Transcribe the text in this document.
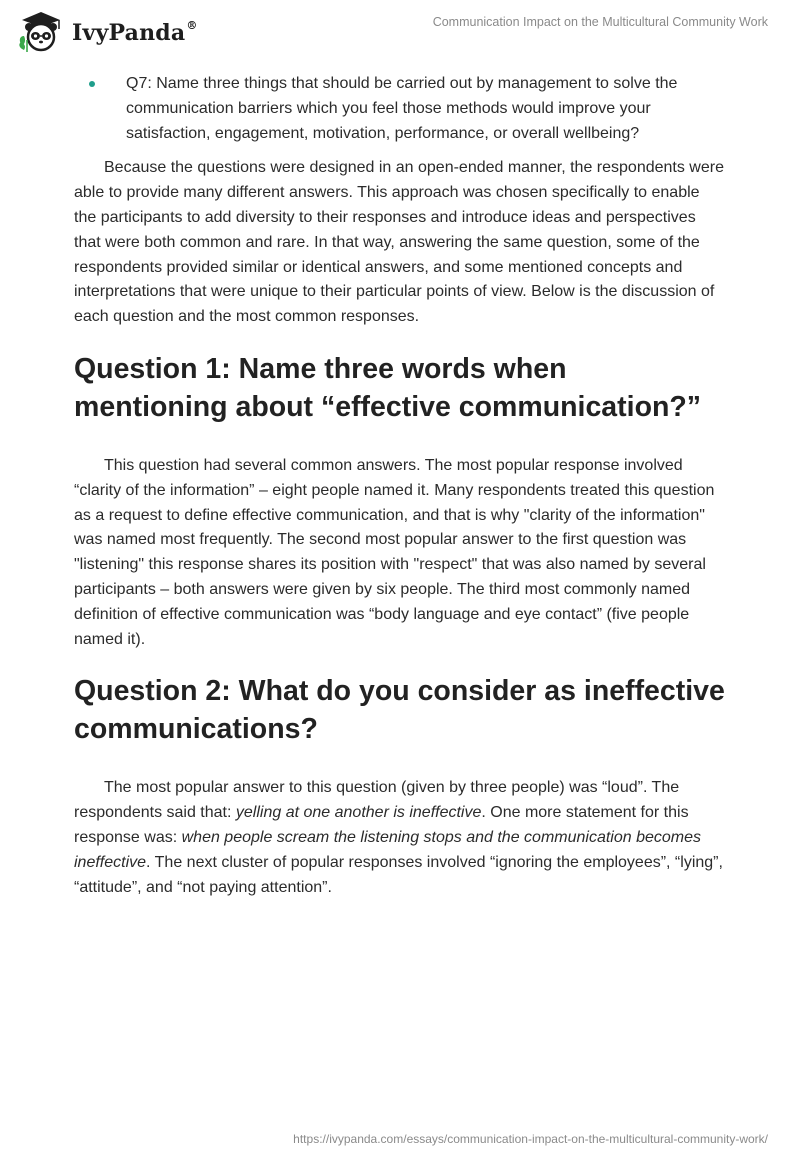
IvyPanda®	Communication Impact on the Multicultural Community Work
Q7: Name three things that should be carried out by management to solve the communication barriers which you feel those methods would improve your satisfaction, engagement, motivation, performance, or overall wellbeing?

Because the questions were designed in an open-ended manner, the respondents were able to provide many different answers. This approach was chosen specifically to enable the participants to add diversity to their responses and introduce ideas and perspectives that were both common and rare. In that way, answering the same question, some of the respondents provided similar or identical answers, and some mentioned concepts and interpretations that were unique to their particular points of view. Below is the discussion of each question and the most common responses.

Question 1: Name three words when mentioning about “effective communication?”

This question had several common answers. The most popular response involved “clarity of the information” – eight people named it. Many respondents treated this question as a request to define effective communication, and that is why "clarity of the information" was named most frequently. The second most popular answer to the first question was "listening" this response shares its position with "respect" that was also named by several participants – both answers were given by six people. The third most commonly named definition of effective communication was “body language and eye contact” (five people named it).

Question 2: What do you consider as ineffective communications?

The most popular answer to this question (given by three people) was “loud”. The respondents said that: yelling at one another is ineffective. One more statement for this response was: when people scream the listening stops and the communication becomes ineffective. The next cluster of popular responses involved “ignoring the employees”, “lying”, “attitude”, and “not paying attention”.

https://ivypanda.com/essays/communication-impact-on-the-multicultural-community-work/
